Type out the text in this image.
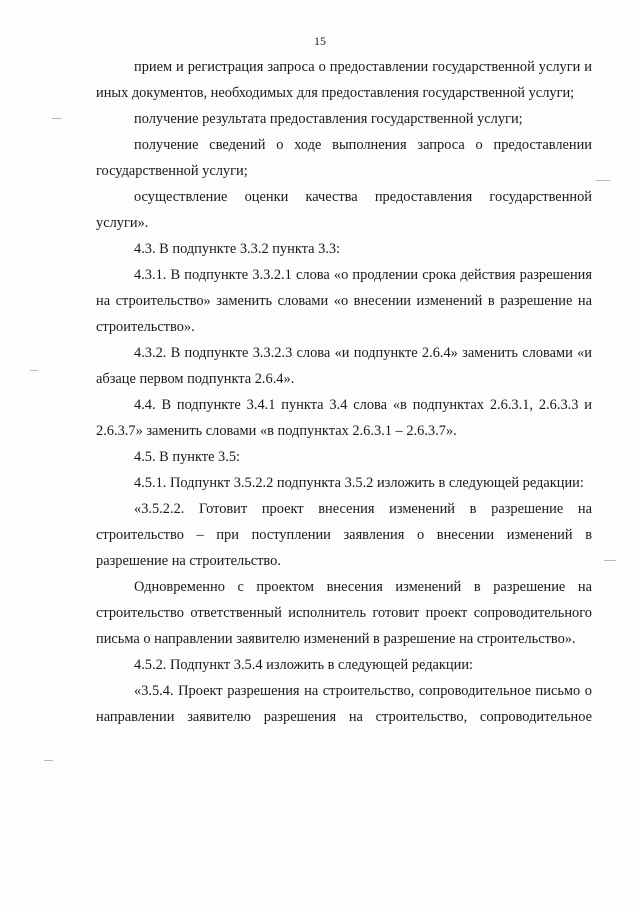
15

прием и регистрация запроса о предоставлении государственной услуги и иных документов, необходимых для предоставления государственной услуги;

получение результата предоставления государственной услуги;

получение сведений о ходе выполнения запроса о предоставлении государственной услуги;

осуществление оценки качества предоставления государственной услуги».

4.3. В подпункте 3.3.2 пункта 3.3:

4.3.1. В подпункте 3.3.2.1 слова «о продлении срока действия разрешения на строительство» заменить словами «о внесении изменений в разрешение на строительство».

4.3.2. В подпункте 3.3.2.3 слова «и подпункте 2.6.4» заменить словами «и абзаце первом подпункта 2.6.4».

4.4. В подпункте 3.4.1 пункта 3.4 слова «в подпунктах 2.6.3.1, 2.6.3.3 и 2.6.3.7» заменить словами «в подпунктах 2.6.3.1 – 2.6.3.7».

4.5. В пункте 3.5:

4.5.1. Подпункт 3.5.2.2 подпункта 3.5.2 изложить в следующей редакции:

«3.5.2.2. Готовит проект внесения изменений в разрешение на строительство – при поступлении заявления о внесении изменений в разрешение на строительство.

Одновременно с проектом внесения изменений в разрешение на строительство ответственный исполнитель готовит проект сопроводительного письма о направлении заявителю изменений в разрешение на строительство».

4.5.2. Подпункт 3.5.4 изложить в следующей редакции:

«3.5.4. Проект разрешения на строительство, сопроводительное письмо о направлении заявителю разрешения на строительство, сопроводительное
